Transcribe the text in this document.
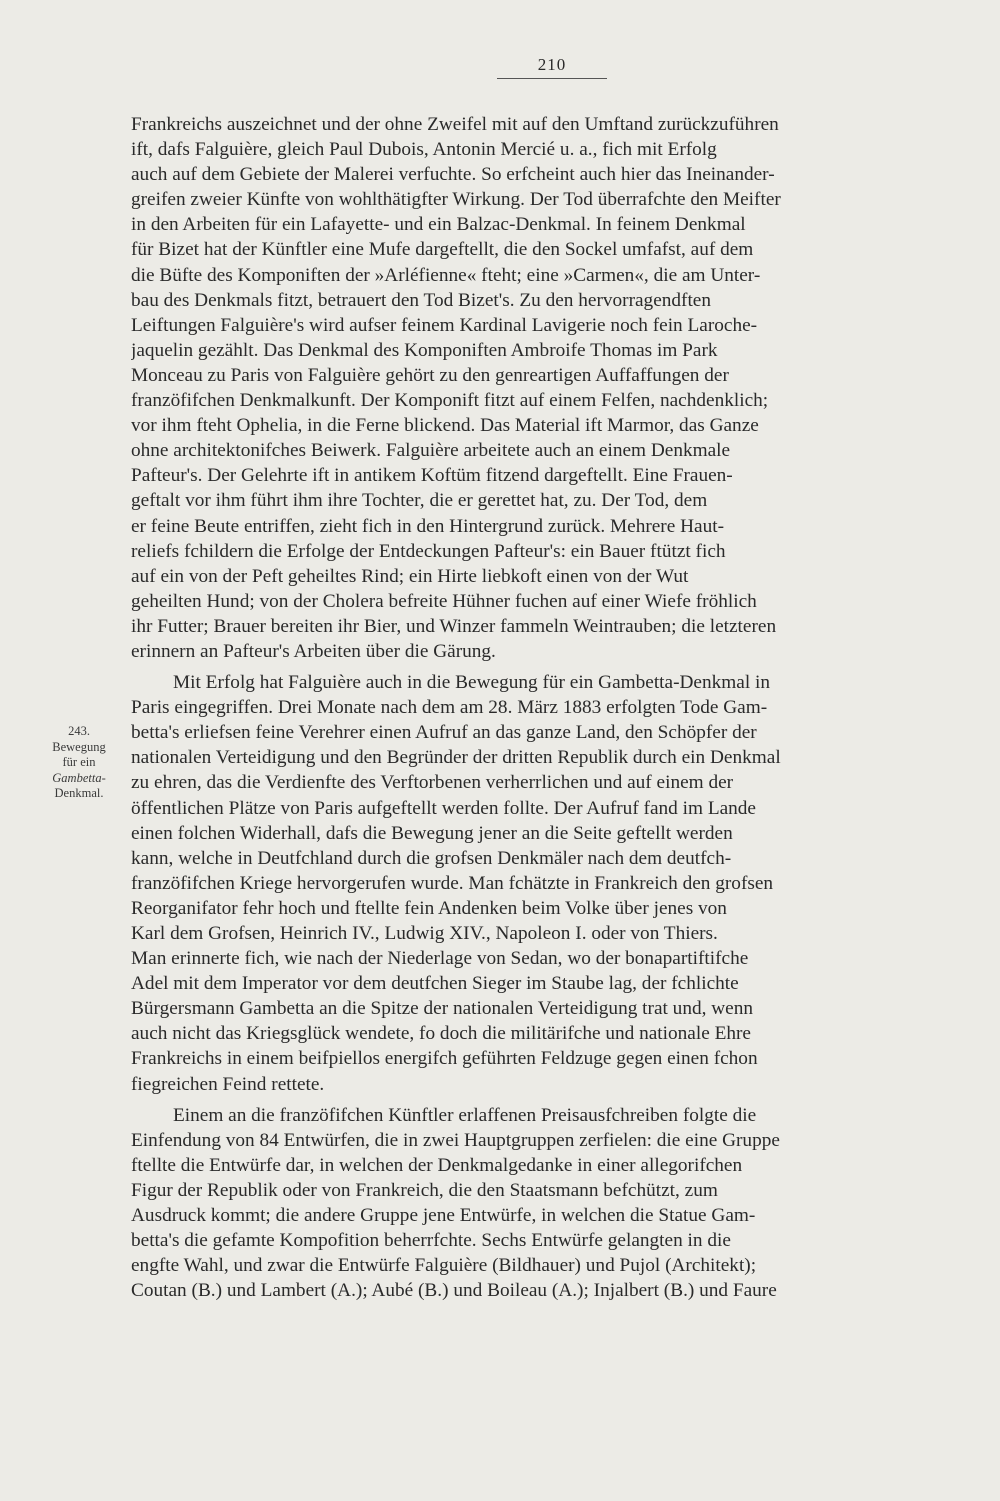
210
243.
Bewegung
für ein
Gambetta-
Denkmal.
Frankreichs auszeichnet und der ohne Zweifel mit auf den Umftand zurückzuführen
ift, dafs Falguière, gleich Paul Dubois, Antonin Mercié u. a., fich mit Erfolg
auch auf dem Gebiete der Malerei verfuchte. So erfcheint auch hier das Ineinander-
greifen zweier Künfte von wohlthätigfter Wirkung. Der Tod überrafchte den Meifter
in den Arbeiten für ein Lafayette- und ein Balzac-Denkmal. In feinem Denkmal
für Bizet hat der Künftler eine Mufe dargeftellt, die den Sockel umfafst, auf dem
die Büfte des Komponiften der »Arléfienne« fteht; eine »Carmen«, die am Unter-
bau des Denkmals fitzt, betrauert den Tod Bizet's. Zu den hervorragendften
Leiftungen Falguière's wird aufser feinem Kardinal Lavigerie noch fein Laroche-
jaquelin gezählt. Das Denkmal des Komponiften Ambroife Thomas im Park
Monceau zu Paris von Falguière gehört zu den genreartigen Auffaffungen der
franzöfifchen Denkmalkunft. Der Komponift fitzt auf einem Felfen, nachdenklich;
vor ihm fteht Ophelia, in die Ferne blickend. Das Material ift Marmor, das Ganze
ohne architektonifches Beiwerk. Falguière arbeitete auch an einem Denkmale
Pafteur's. Der Gelehrte ift in antikem Koftüm fitzend dargeftellt. Eine Frauen-
geftalt vor ihm führt ihm ihre Tochter, die er gerettet hat, zu. Der Tod, dem
er feine Beute entriffen, zieht fich in den Hintergrund zurück. Mehrere Haut-
reliefs fchildern die Erfolge der Entdeckungen Pafteur's: ein Bauer ftützt fich
auf ein von der Peft geheiltes Rind; ein Hirte liebkoft einen von der Wut
geheilten Hund; von der Cholera befreite Hühner fuchen auf einer Wiefe fröhlich
ihr Futter; Brauer bereiten ihr Bier, und Winzer fammeln Weintrauben; die letzteren
erinnern an Pafteur's Arbeiten über die Gärung.
Mit Erfolg hat Falguière auch in die Bewegung für ein Gambetta-Denkmal in
Paris eingegriffen. Drei Monate nach dem am 28. März 1883 erfolgten Tode Gam-
betta's erliefsen feine Verehrer einen Aufruf an das ganze Land, den Schöpfer der
nationalen Verteidigung und den Begründer der dritten Republik durch ein Denkmal
zu ehren, das die Verdienfte des Verftorbenen verherrlichen und auf einem der
öffentlichen Plätze von Paris aufgeftellt werden follte. Der Aufruf fand im Lande
einen folchen Widerhall, dafs die Bewegung jener an die Seite geftellt werden
kann, welche in Deutfchland durch die grofsen Denkmäler nach dem deutfch-
franzöfifchen Kriege hervorgerufen wurde. Man fchätzte in Frankreich den grofsen
Reorganifator fehr hoch und ftellte fein Andenken beim Volke über jenes von
Karl dem Grofsen, Heinrich IV., Ludwig XIV., Napoleon I. oder von Thiers.
Man erinnerte fich, wie nach der Niederlage von Sedan, wo der bonapartiftifche
Adel mit dem Imperator vor dem deutfchen Sieger im Staube lag, der fchlichte
Bürgersmann Gambetta an die Spitze der nationalen Verteidigung trat und, wenn
auch nicht das Kriegsglück wendete, fo doch die militärifche und nationale Ehre
Frankreichs in einem beifpiellos energifch geführten Feldzuge gegen einen fchon
fiegreichen Feind rettete.
Einem an die franzöfifchen Künftler erlaffenen Preisausfchreiben folgte die
Einfendung von 84 Entwürfen, die in zwei Hauptgruppen zerfielen: die eine Gruppe
ftellte die Entwürfe dar, in welchen der Denkmalgedanke in einer allegorifchen
Figur der Republik oder von Frankreich, die den Staatsmann befchützt, zum
Ausdruck kommt; die andere Gruppe jene Entwürfe, in welchen die Statue Gam-
betta's die gefamte Kompofition beherrfchte. Sechs Entwürfe gelangten in die
engfte Wahl, und zwar die Entwürfe Falguière (Bildhauer) und Pujol (Architekt);
Coutan (B.) und Lambert (A.); Aubé (B.) und Boileau (A.); Injalbert (B.) und Faure
